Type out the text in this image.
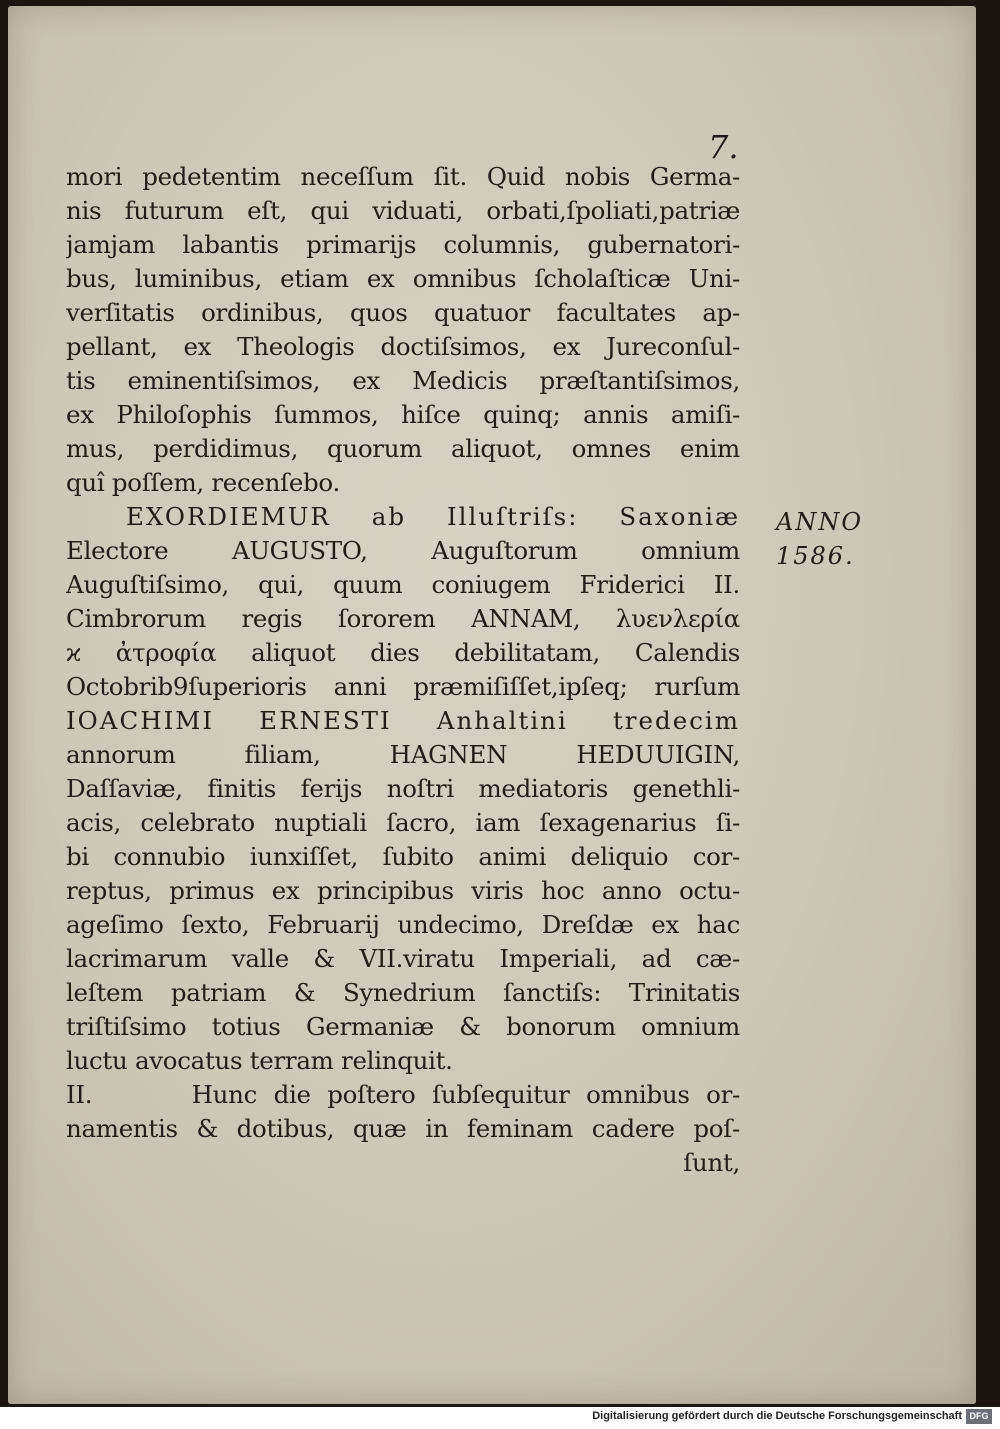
7.
mori pedetentim neceſſum ſit. Quid nobis Germa-
nis futurum eſt, qui viduati, orbati,ſpoliati,patriæ
jamjam labantis primarijs columnis, gubernatori-
bus, luminibus, etiam ex omnibus ſcholaſticæ Uni-
verſitatis ordinibus, quos quatuor facultates ap-
pellant, ex Theologis doctiſsimos, ex Jureconſul-
tis eminentiſsimos, ex Medicis præſtantiſsimos,
ex Philoſophis ſummos, hiſce quinq; annis amiſi-
mus, perdidimus, quorum aliquot, omnes enim
quî poſſem, recenſebo.
EXORDIEMUR ab Illuſtriſs: Saxoniæ
Electore AUGUSTO, Auguſtorum omnium
Auguſtiſsimo, qui, quum coniugem Friderici II.
Cimbrorum regis ſororem ANNAM, λυενλερία
ϰ ἀτροφία aliquot dies debilitatam, Calendis
Octobrib9ſuperioris anni præmiſiſſet,ipſeq; rurſum
IOACHIMI ERNESTI Anhaltini tredecim
annorum filiam, HAGNEN HEDUUIGIN,
Daſſaviæ, finitis ferijs noſtri mediatoris genethli-
acis, celebrato nuptiali ſacro, iam ſexagenarius ſi-
bi connubio iunxiſſet, ſubito animi deliquio cor-
reptus, primus ex principibus viris hoc anno octu-
ageſimo ſexto, Februarij undecimo, Dreſdæ ex hac
lacrimarum valle & VII.viratu Imperiali, ad cæ-
leſtem patriam & Synedrium ſanctiſs: Trinitatis
triſtiſsimo totius Germaniæ & bonorum omnium
luctu avocatus terram relinquit.
II.      Hunc die poſtero ſubſequitur omnibus or-
namentis & dotibus, quæ in feminam cadere poſ-
ſunt,
ANNO
1586.
Digitalisierung gefördert durch die Deutsche Forschungsgemeinschaft DFG
